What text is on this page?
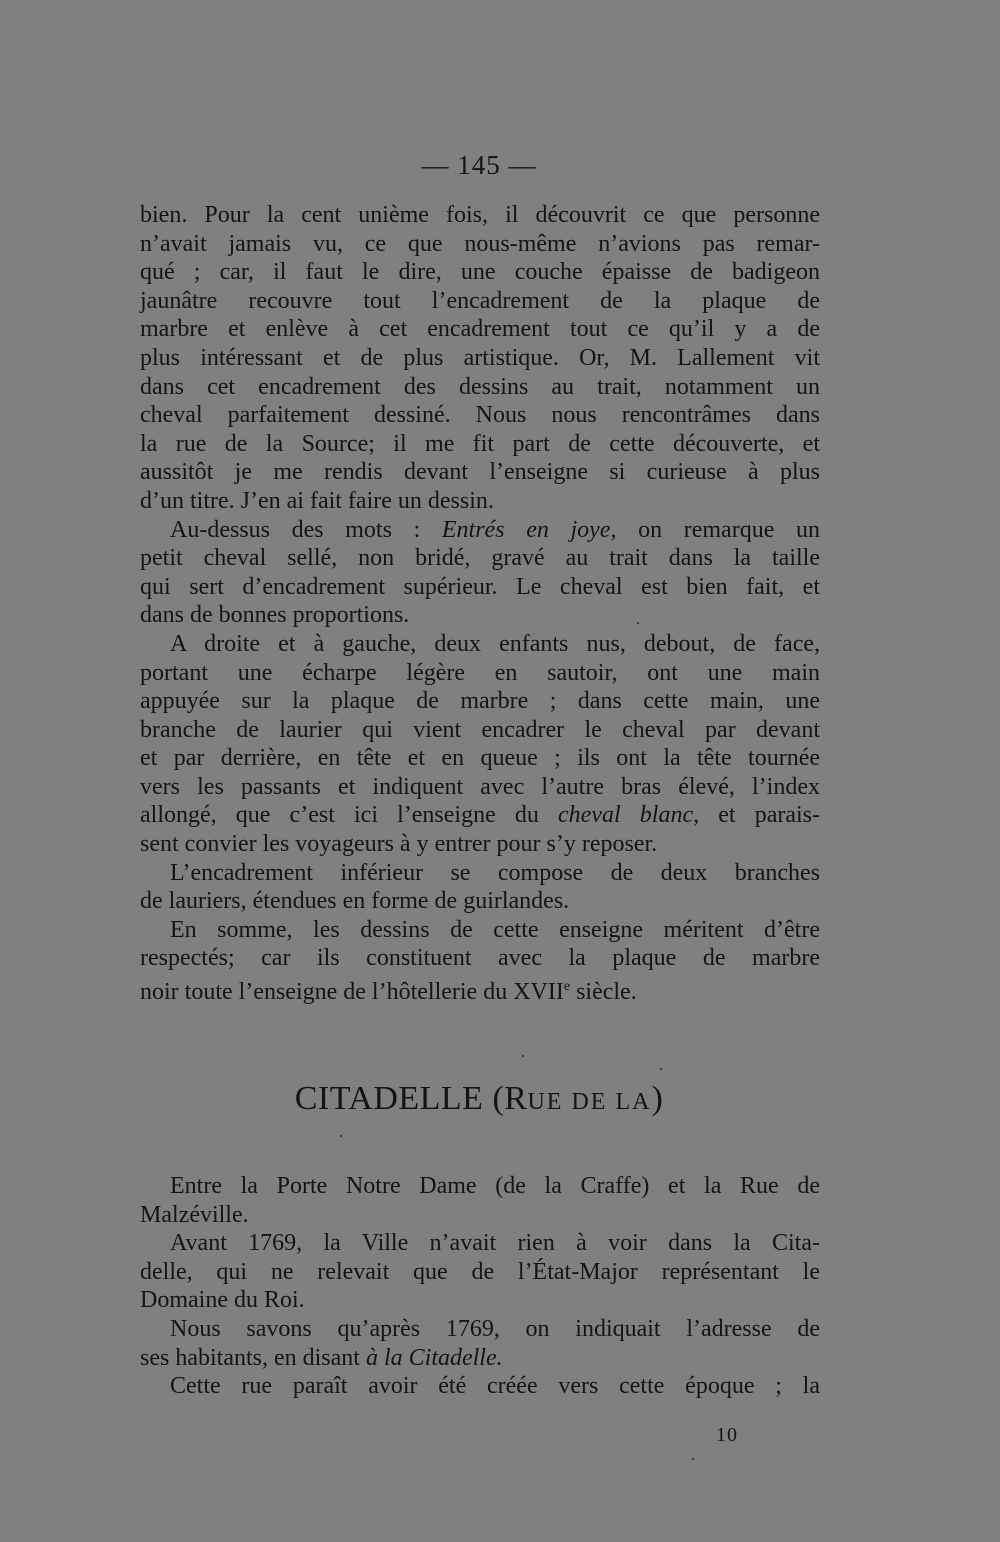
— 145 —
bien. Pour la cent unième fois, il découvrit ce que personne
n’avait jamais vu, ce que nous-même n’avions pas remar-
qué ; car, il faut le dire, une couche épaisse de badigeon
jaunâtre recouvre tout l’encadrement de la plaque de
marbre et enlève à cet encadrement tout ce qu’il y a de
plus intéressant et de plus artistique. Or, M. Lallement vit
dans cet encadrement des dessins au trait, notamment un
cheval parfaitement dessiné. Nous nous rencontrâmes dans
la rue de la Source; il me fit part de cette découverte, et
aussitôt je me rendis devant l’enseigne si curieuse à plus
d’un titre. J’en ai fait faire un dessin.
Au-dessus des mots : Entrés en joye, on remarque un
petit cheval sellé, non bridé, gravé au trait dans la taille
qui sert d’encadrement supérieur. Le cheval est bien fait, et
dans de bonnes proportions.
A droite et à gauche, deux enfants nus, debout, de face,
portant une écharpe légère en sautoir, ont une main
appuyée sur la plaque de marbre ; dans cette main, une
branche de laurier qui vient encadrer le cheval par devant
et par derrière, en tête et en queue ; ils ont la tête tournée
vers les passants et indiquent avec l’autre bras élevé, l’index
allongé, que c’est ici l’enseigne du cheval blanc, et parais-
sent convier les voyageurs à y entrer pour s’y reposer.
L’encadrement inférieur se compose de deux branches
de lauriers, étendues en forme de guirlandes.
En somme, les dessins de cette enseigne méritent d’être
respectés; car ils constituent avec la plaque de marbre
noir toute l’enseigne de l’hôtellerie du XVIIe siècle.
CITADELLE (RUE DE LA)
Entre la Porte Notre Dame (de la Craffe) et la Rue de
Malzéville.
Avant 1769, la Ville n’avait rien à voir dans la Cita-
delle, qui ne relevait que de l’État-Major représentant le
Domaine du Roi.
Nous savons qu’après 1769, on indiquait l’adresse de
ses habitants, en disant à la Citadelle.
Cette rue paraît avoir été créée vers cette époque ; la
10
